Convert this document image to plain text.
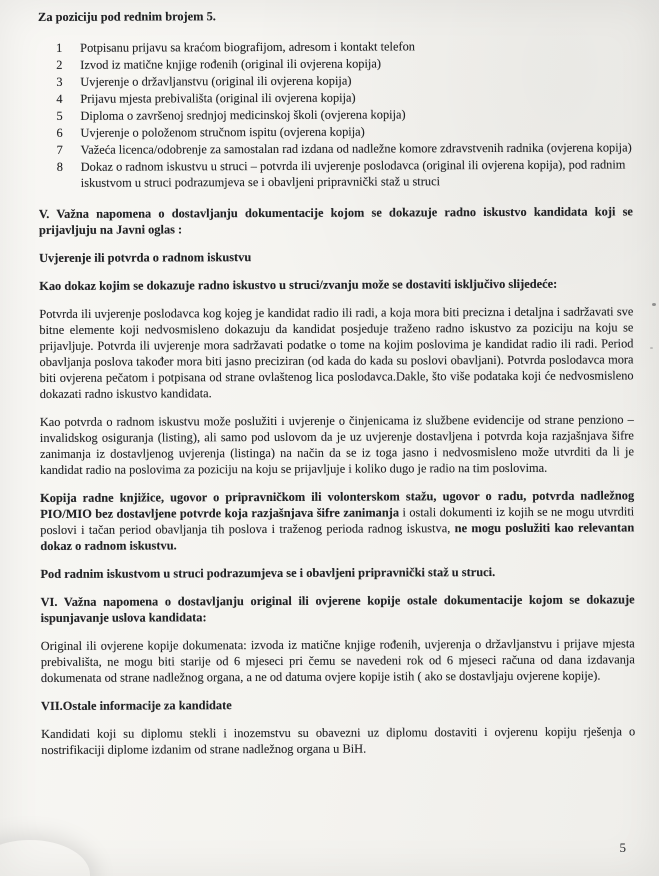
Za poziciju pod rednim brojem 5.

1	Potpisanu prijavu sa kraćom biografijom, adresom i kontakt telefon
2	Izvod iz matične knjige rođenih (original ili ovjerena kopija)
3	Uvjerenje o državljanstvu (original ili ovjerena kopija)
4	Prijavu mjesta prebivališta (original ili ovjerena kopija)
5	Diploma o završenoj srednjoj medicinskoj školi (ovjerena kopija)
6	Uvjerenje o položenom stručnom ispitu (ovjerena kopija)
7	Važeća licenca/odobrenje za samostalan rad izdana od nadležne komore zdravstvenih radnika (ovjerena kopija)
8	Dokaz o radnom iskustvu u struci – potvrda ili uvjerenje poslodavca (original ili ovjerena kopija), pod radnim iskustvom u struci podrazumjeva se i obavljeni pripravnički staž u struci

V. Važna napomena o dostavljanju dokumentacije kojom se dokazuje radno iskustvo kandidata koji se prijavljuju na Javni oglas :

Uvjerenje ili potvrda o radnom iskustvu

Kao dokaz kojim se dokazuje radno iskustvo u struci/zvanju može se dostaviti isključivo slijedeće:

Potvrda ili uvjerenje poslodavca kog kojeg je kandidat radio ili radi, a koja mora biti precizna i detaljna i sadržavati sve bitne elemente koji nedvosmisleno dokazuju da kandidat posjeduje traženo radno iskustvo za poziciju na koju se prijavljuje. Potvrda ili uvjerenje mora sadržavati podatke o tome na kojim poslovima je kandidat radio ili radi. Period obavljanja poslova također mora biti jasno preciziran (od kada do kada su poslovi obavljani). Potvrda poslodavca mora biti ovjerena pečatom i potpisana od strane ovlaštenog lica poslodavca.Dakle, što više podataka koji će nedvosmisleno dokazati radno iskustvo kandidata.

Kao potvrda o radnom iskustvu može poslužiti i uvjerenje o činjenicama iz službene evidencije od strane penziono – invalidskog osiguranja (listing), ali samo pod uslovom da je uz uvjerenje dostavljena i potvrda koja razjašnjava šifre zanimanja iz dostavljenog uvjerenja (listinga) na način da se iz toga jasno i nedvosmisleno može utvrditi da li je kandidat radio na poslovima za poziciju na koju se prijavljuje i koliko dugo je radio na tim poslovima.

Kopija radne knjižice, ugovor o pripravničkom ili volonterskom stažu, ugovor o radu, potvrda nadležnog PIO/MIO bez dostavljene potvrde koja razjašnjava šifre zanimanja i ostali dokumenti iz kojih se ne mogu utvrditi poslovi i tačan period obavljanja tih poslova i traženog perioda radnog iskustva, ne mogu poslužiti kao relevantan dokaz o radnom iskustvu.

Pod radnim iskustvom u struci podrazumjeva se i obavljeni pripravnički staž u struci.

VI. Važna napomena o dostavljanju original ili ovjerene kopije ostale dokumentacije kojom se dokazuje ispunjavanje uslova kandidata:

Original ili ovjerene kopije dokumenata: izvoda iz matične knjige rođenih, uvjerenja o državljanstvu i prijave mjesta prebivališta, ne mogu biti starije od 6 mjeseci pri čemu se navedeni rok od 6 mjeseci računa od dana izdavanja dokumenata od strane nadležnog organa, a ne od datuma ovjere kopije istih ( ako se dostavljaju ovjerene kopije).

VII.Ostale informacije za kandidate

Kandidati koji su diplomu stekli i inozemstvu su obavezni uz diplomu dostaviti i ovjerenu kopiju rješenja o nostrifikaciji diplome izdanim od strane nadležnog organa u BiH.

5
